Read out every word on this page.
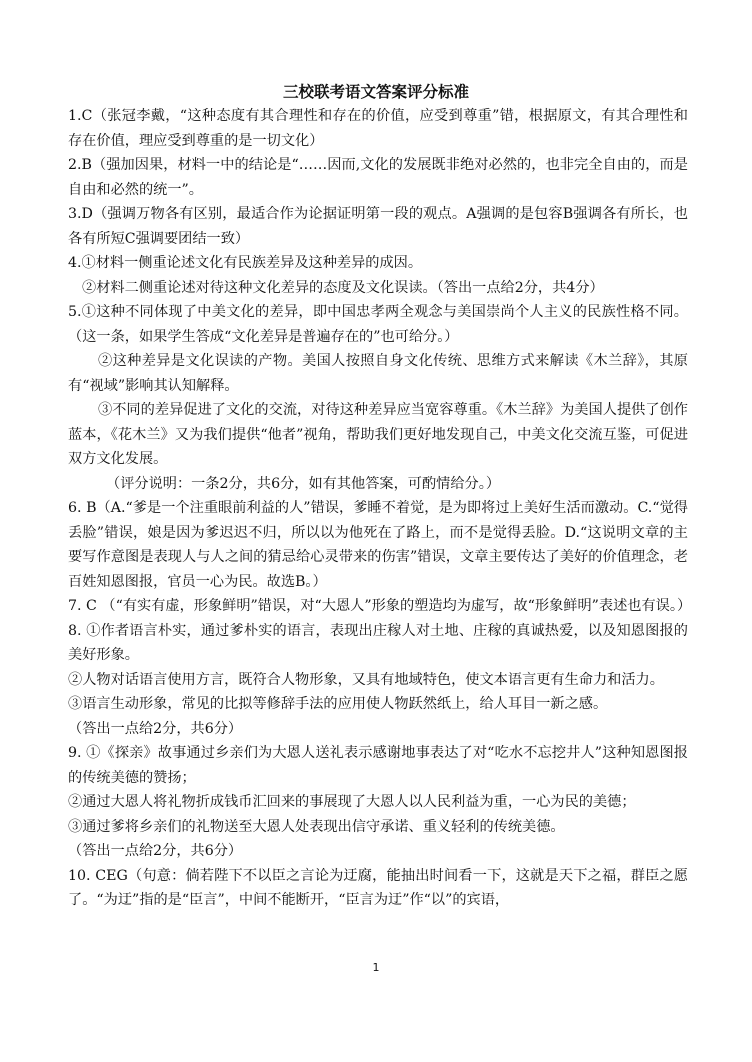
三校联考语文答案评分标准

1.C（张冠李戴，“这种态度有其合理性和存在的价值，应受到尊重”错，根据原文，有其合理性和存在价值，理应受到尊重的是一切文化）

2.B（强加因果，材料一中的结论是“……因而,文化的发展既非绝对必然的，也非完全自由的，而是自由和必然的统一”。

3.D（强调万物各有区别，最适合作为论据证明第一段的观点。A强调的是包容B强调各有所长，也各有所短C强调要团结一致）

4.①材料一侧重论述文化有民族差异及这种差异的成因。

②材料二侧重论述对待这种文化差异的态度及文化误读。（答出一点给2分，共4分）

5.①这种不同体现了中美文化的差异，即中国忠孝两全观念与美国崇尚个人主义的民族性格不同。（这一条，如果学生答成“文化差异是普遍存在的”也可给分。）

②这种差异是文化误读的产物。美国人按照自身文化传统、思维方式来解读《木兰辞》，其原有“视域”影响其认知解释。

③不同的差异促进了文化的交流，对待这种差异应当宽容尊重。《木兰辞》为美国人提供了创作蓝本，《花木兰》又为我们提供“他者”视角，帮助我们更好地发现自己，中美文化交流互鉴，可促进双方文化发展。

（评分说明：一条2分，共6分，如有其他答案，可酌情给分。）

6. B（A.“爹是一个注重眼前利益的人”错误，爹睡不着觉，是为即将过上美好生活而激动。C.“觉得丢脸”错误，娘是因为爹迟迟不归，所以以为他死在了路上，而不是觉得丢脸。D.“这说明文章的主要写作意图是表现人与人之间的猜忌给心灵带来的伤害”错误，文章主要传达了美好的价值理念，老百姓知恩图报，官员一心为民。故选B。）

7. C （“有实有虚，形象鲜明”错误，对“大恩人”形象的塑造均为虚写，故“形象鲜明”表述也有误。）

8. ①作者语言朴实，通过爹朴实的语言，表现出庄稼人对土地、庄稼的真诚热爱，以及知恩图报的美好形象。

②人物对话语言使用方言，既符合人物形象，又具有地域特色，使文本语言更有生命力和活力。

③语言生动形象，常见的比拟等修辞手法的应用使人物跃然纸上，给人耳目一新之感。

（答出一点给2分，共6分）

9. ①《探亲》故事通过乡亲们为大恩人送礼表示感谢地事表达了对“吃水不忘挖井人”这种知恩图报的传统美德的赞扬；

②通过大恩人将礼物折成钱币汇回来的事展现了大恩人以人民利益为重，一心为民的美德；

③通过爹将乡亲们的礼物送至大恩人处表现出信守承诺、重义轻利的传统美德。

（答出一点给2分，共6分）

10. CEG（句意：倘若陛下不以臣之言论为迂腐，能抽出时间看一下，这就是天下之福，群臣之愿了。“为迂”指的是“臣言”，中间不能断开，“臣言为迂”作“以”的宾语，

1
